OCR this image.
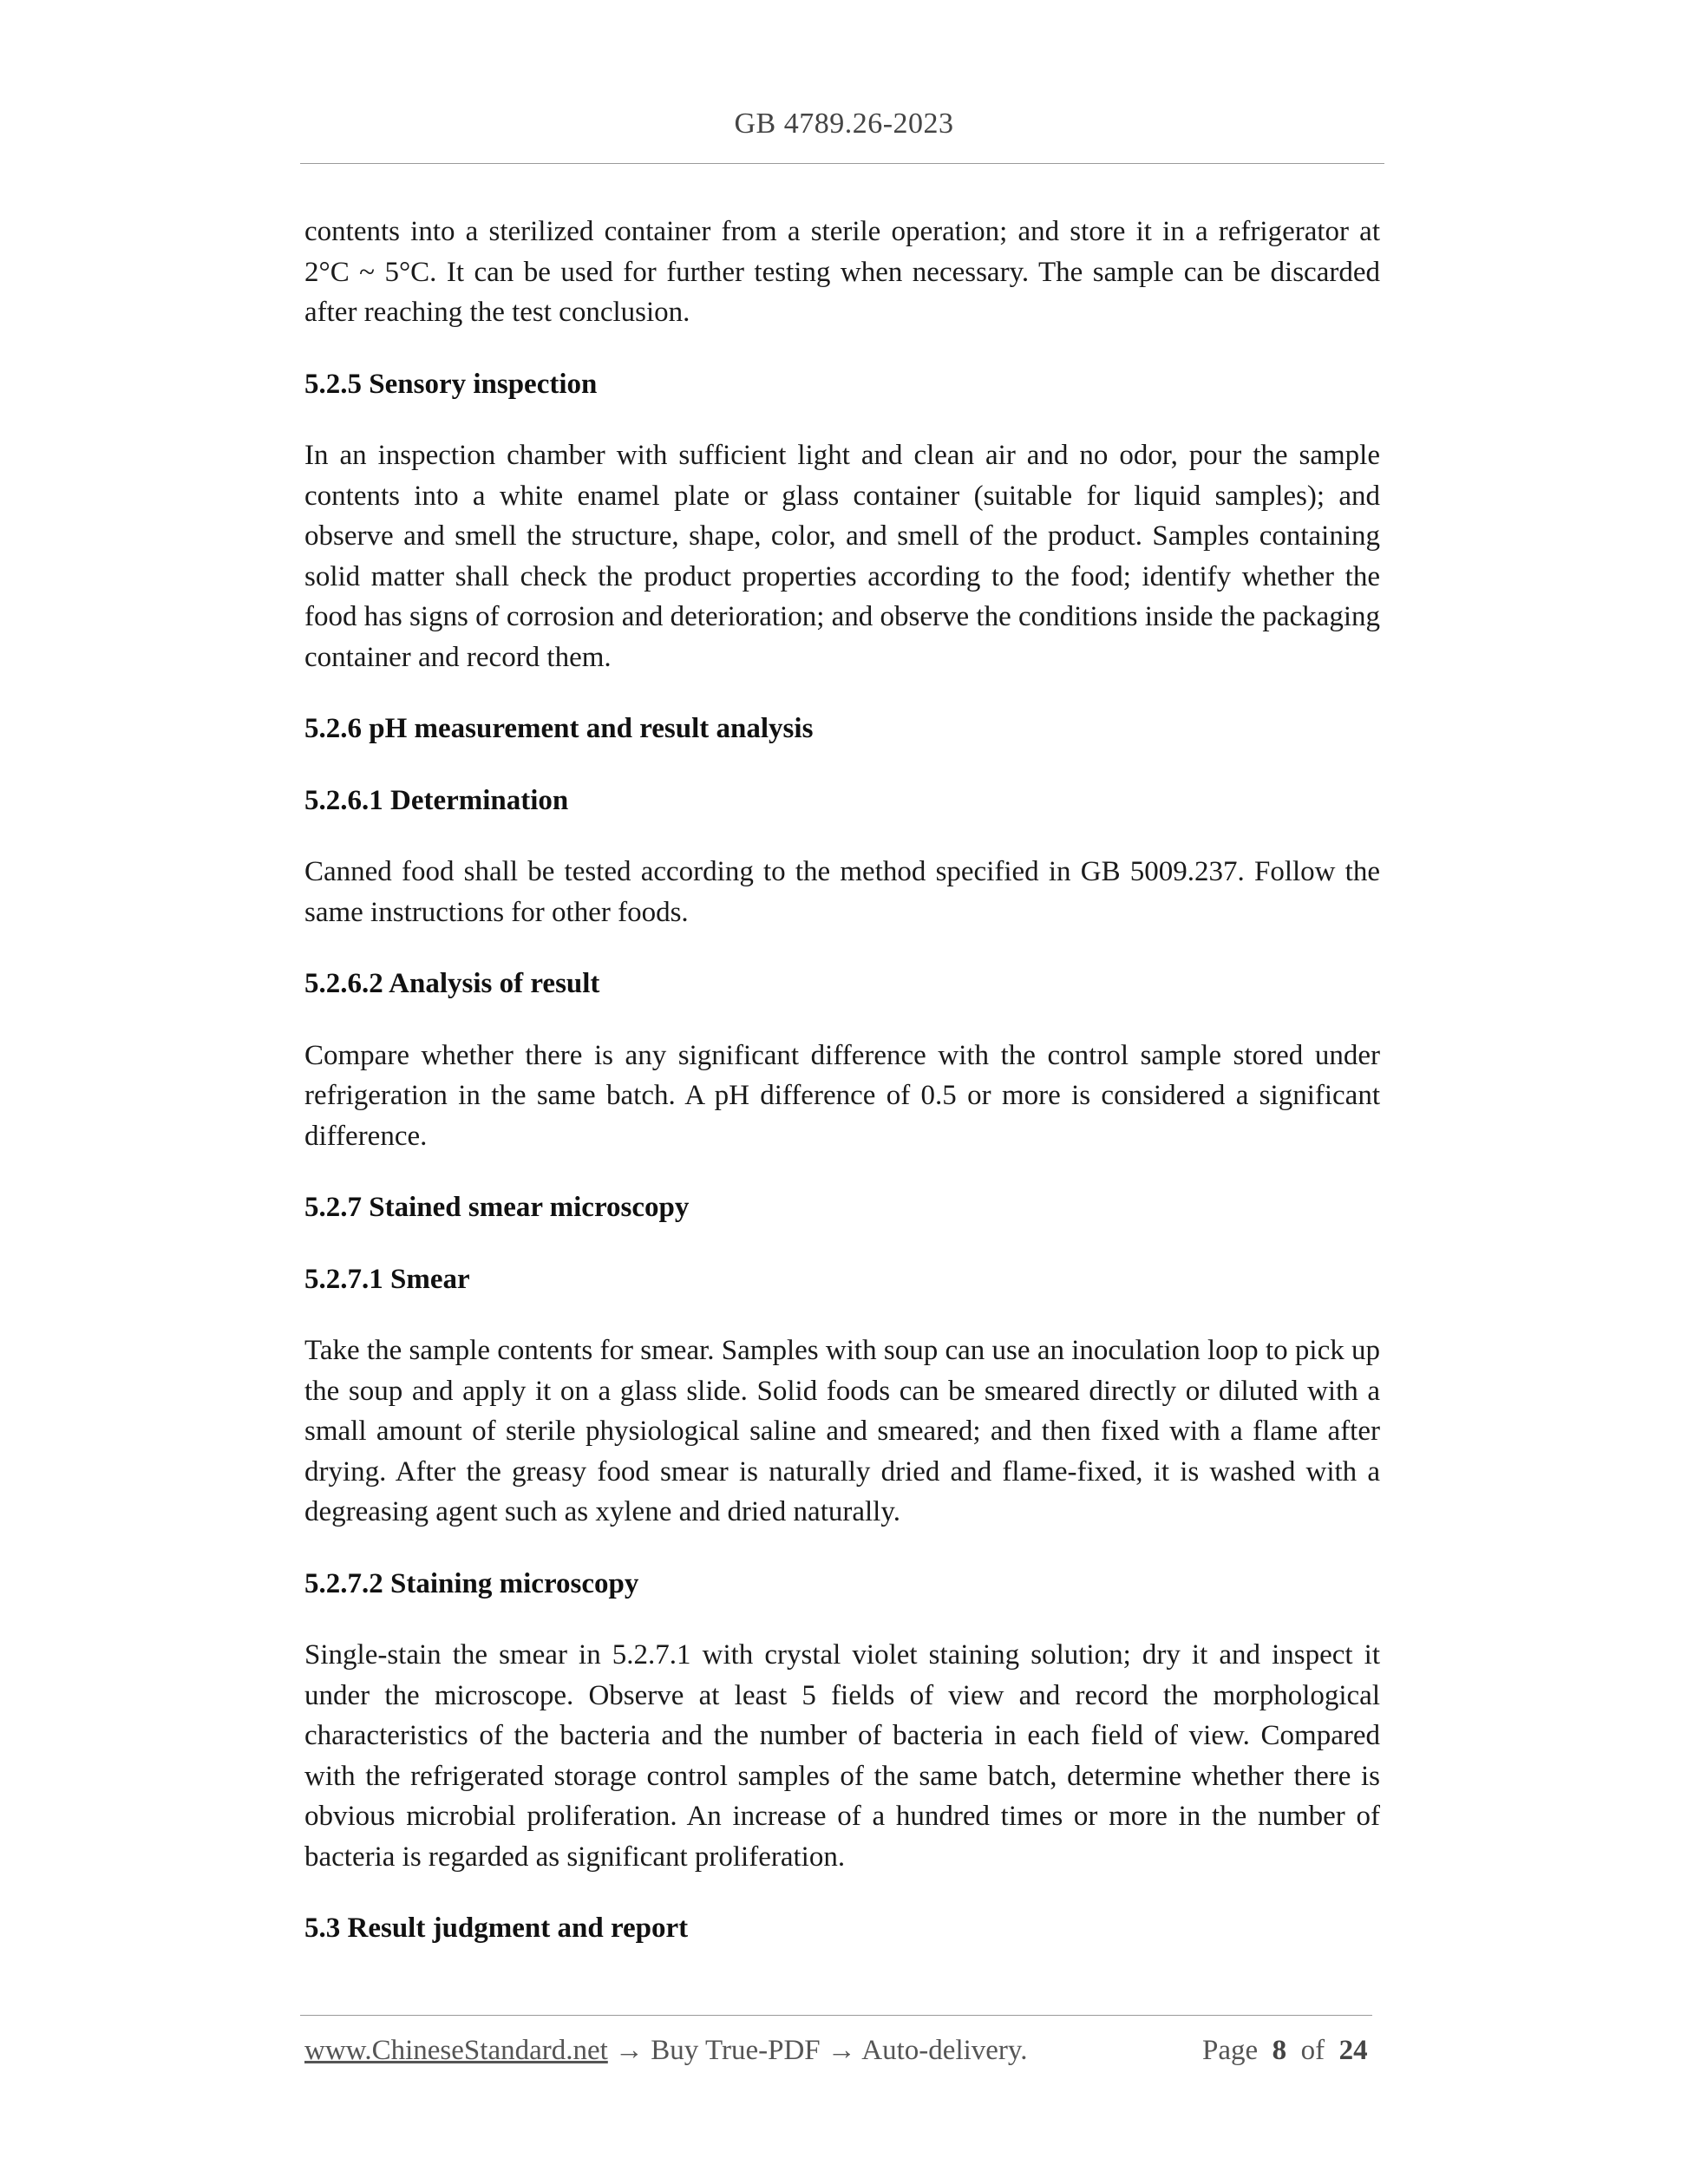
GB 4789.26-2023

contents into a sterilized container from a sterile operation; and store it in a refrigerator at 2°C ~ 5°C. It can be used for further testing when necessary. The sample can be discarded after reaching the test conclusion.

5.2.5 Sensory inspection

In an inspection chamber with sufficient light and clean air and no odor, pour the sample contents into a white enamel plate or glass container (suitable for liquid samples); and observe and smell the structure, shape, color, and smell of the product. Samples containing solid matter shall check the product properties according to the food; identify whether the food has signs of corrosion and deterioration; and observe the conditions inside the packaging container and record them.

5.2.6 pH measurement and result analysis
5.2.6.1 Determination

Canned food shall be tested according to the method specified in GB 5009.237. Follow the same instructions for other foods.

5.2.6.2 Analysis of result

Compare whether there is any significant difference with the control sample stored under refrigeration in the same batch. A pH difference of 0.5 or more is considered a significant difference.

5.2.7 Stained smear microscopy
5.2.7.1 Smear

Take the sample contents for smear. Samples with soup can use an inoculation loop to pick up the soup and apply it on a glass slide. Solid foods can be smeared directly or diluted with a small amount of sterile physiological saline and smeared; and then fixed with a flame after drying. After the greasy food smear is naturally dried and flame-fixed, it is washed with a degreasing agent such as xylene and dried naturally.

5.2.7.2 Staining microscopy

Single-stain the smear in 5.2.7.1 with crystal violet staining solution; dry it and inspect it under the microscope. Observe at least 5 fields of view and record the morphological characteristics of the bacteria and the number of bacteria in each field of view. Compared with the refrigerated storage control samples of the same batch, determine whether there is obvious microbial proliferation. An increase of a hundred times or more in the number of bacteria is regarded as significant proliferation.

5.3 Result judgment and report
www.ChineseStandard.net → Buy True-PDF → Auto-delivery.	Page 8 of 24
